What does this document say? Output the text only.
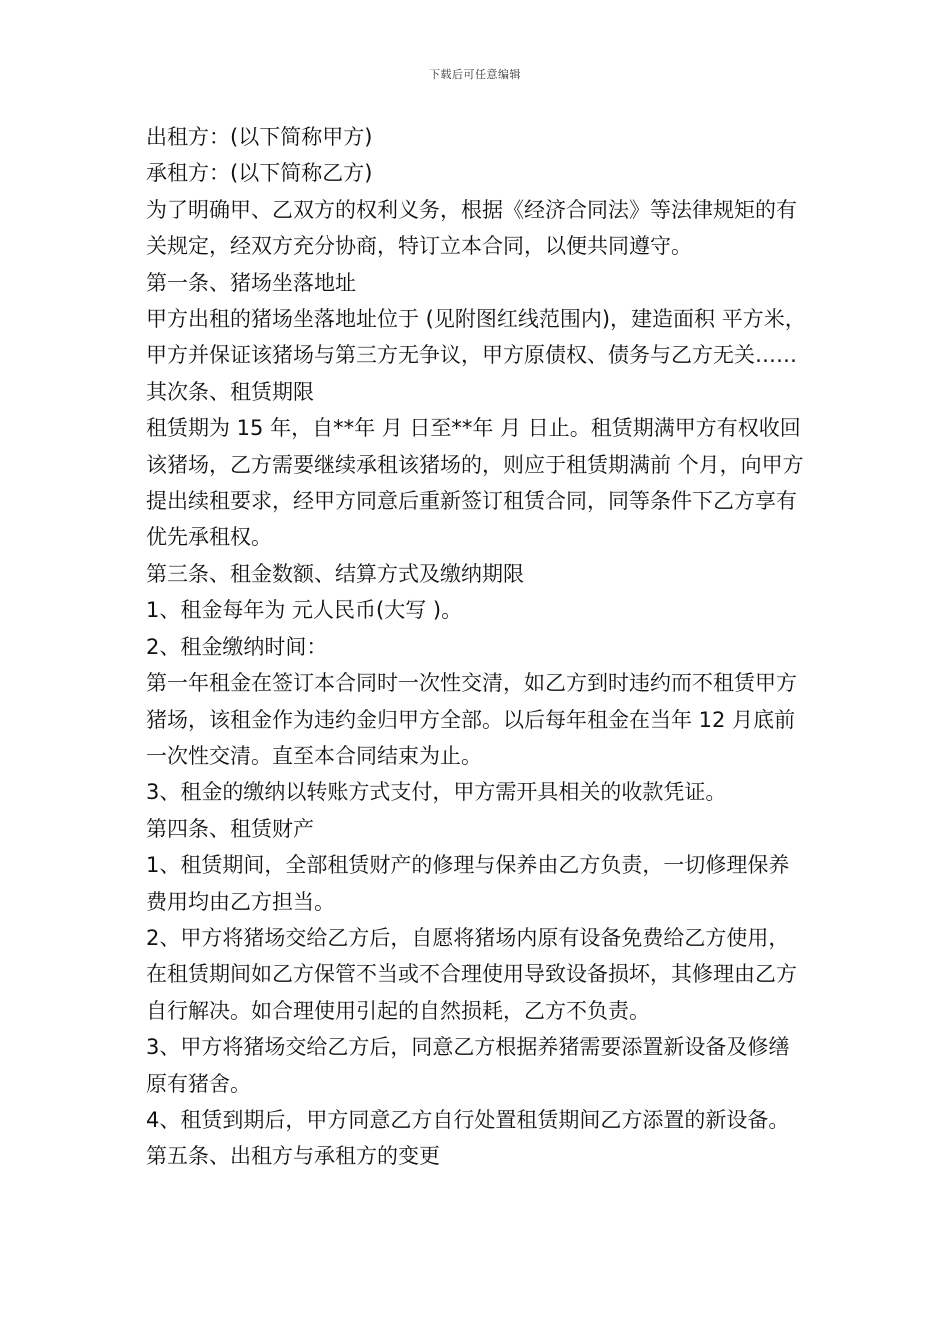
下载后可任意编辑

出租方：(以下简称甲方)

承租方：(以下简称乙方)

为了明确甲、乙双方的权利义务，根据《经济合同法》等法律规矩的有关规定，经双方充分协商，特订立本合同，以便共同遵守。

第一条、猪场坐落地址

甲方出租的猪场坐落地址位于 (见附图红线范围内)，建造面积 平方米，甲方并保证该猪场与第三方无争议，甲方原债权、债务与乙方无关……

其次条、租赁期限

租赁期为 15 年，自**年 月 日至**年 月 日止。租赁期满甲方有权收回该猪场，乙方需要继续承租该猪场的，则应于租赁期满前 个月，向甲方提出续租要求，经甲方同意后重新签订租赁合同，同等条件下乙方享有优先承租权。

第三条、租金数额、结算方式及缴纳期限

1、租金每年为 元人民币(大写 )。

2、租金缴纳时间：

第一年租金在签订本合同时一次性交清，如乙方到时违约而不租赁甲方猪场，该租金作为违约金归甲方全部。以后每年租金在当年 12 月底前一次性交清。直至本合同结束为止。

3、租金的缴纳以转账方式支付，甲方需开具相关的收款凭证。

第四条、租赁财产

1、租赁期间，全部租赁财产的修理与保养由乙方负责，一切修理保养费用均由乙方担当。

2、甲方将猪场交给乙方后，自愿将猪场内原有设备免费给乙方使用，在租赁期间如乙方保管不当或不合理使用导致设备损坏，其修理由乙方自行解决。如合理使用引起的自然损耗，乙方不负责。

3、甲方将猪场交给乙方后，同意乙方根据养猪需要添置新设备及修缮原有猪舍。

4、租赁到期后，甲方同意乙方自行处置租赁期间乙方添置的新设备。

第五条、出租方与承租方的变更
